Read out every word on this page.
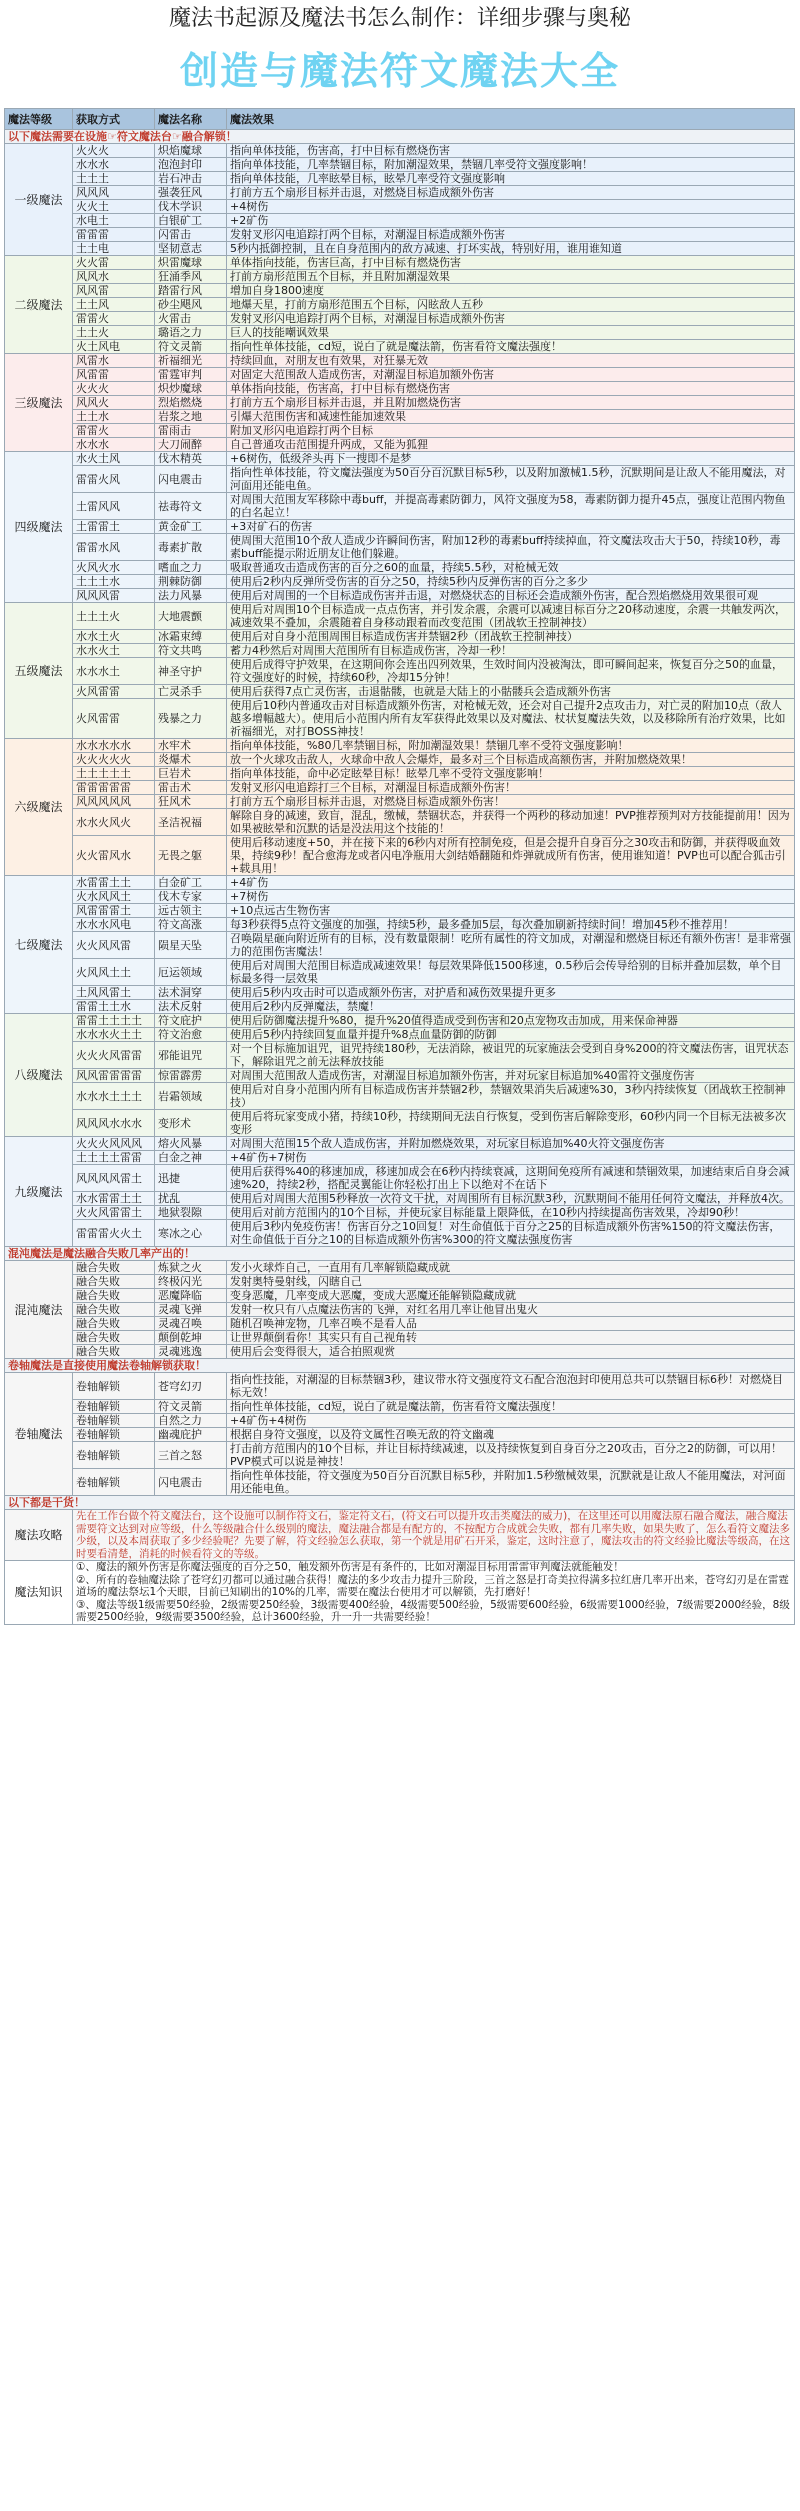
魔法书起源及魔法书怎么制作：详细步骤与奥秘
创造与魔法符文魔法大全
魔法等级	获取方式	魔法名称	魔法效果
以下魔法需要在设施☞符文魔法台☞融合解锁！			
一级魔法	火火火	炽焰魔球	指向单体技能，伤害高，打中目标有燃烧伤害
	水水水	泡泡封印	指向单体技能，几率禁锢目标，附加潮湿效果，禁锢几率受符文强度影响！
	土土土	岩石冲击	指向单体技能，几率眩晕目标，眩晕几率受符文强度影响
	风风风	强袭狂风	打前方五个扇形目标并击退，对燃烧目标造成额外伤害
	火火土	伐木学识	+4树伤
	水电土	白银矿工	+2矿伤
	雷雷雷	闪雷击	发射叉形闪电追踪打两个目标，对潮湿目标造成额外伤害
	土土电	坚韧意志	5秒内抵御控制，且在自身范围内的敌方减速、打坏实战，特别好用，谁用谁知道
二级魔法	火火雷	炽雷魔球	单体指向技能，伤害巨高，打中目标有燃烧伤害
	风风水	狂涌季风	打前方扇形范围五个目标，并且附加潮湿效果
	风风雷	踏雷行风	增加自身1800速度
	土土风	砂尘飓风	地爆天星，打前方扇形范围五个目标，闪眩敌人五秒
	雷雷火	火雷击	发射叉形闪电追踪打两个目标，对潮湿目标造成额外伤害
	土土火	璐语之力	巨人的技能嘲讽效果
	火土风电	符文灵箭	指向性单体技能，cd短，说白了就是魔法箭，伤害看符文魔法强度！
三级魔法	风雷水	祈福细光	持续回血，对朋友也有效果，对狂暴无效
	风雷雷	雷霆审判	对固定大范围敌人造成伤害，对潮湿目标追加额外伤害
	火火火	炽炒魔球	单体指向技能，伤害高，打中目标有燃烧伤害
	风风火	烈焰燃烧	打前方五个扇形目标并击退，并且附加燃烧伤害
	土土水	岩浆之地	引爆大范围伤害和减速性能加速效果
	雷雷火	雷雨击	附加叉形闪电追踪打两个目标
	水水水	大刀闹醉	自己普通攻击范围提升两成，又能为狐狸
四级魔法	水火土风	伐木精英	+6树伤，低级斧头再下一搜即不是梦
	雷雷火风	闪电震击	指向性单体技能，符文魔法强度为50百分百沉默目标5秒，以及附加激械1.5秒，沉默期间是让敌人不能用魔法，对河面用还能电鱼。
	土雷风风	祛毒符文	对周围大范围友军移除中毒buff，并提高毒素防御力，风符文强度为58，毒素防御力提升45点，强度让范围内物鱼的白名起立！
	土雷雷土	黄金矿工	+3对矿石的伤害
	雷雷水风	毒素扩散	使周围大范围10个敌人造成少许瞬间伤害，附加12秒的毒素buff持续掉血，符文魔法攻击大于50，持续10秒，毒素buff能提示附近朋友让他们躲避。
	火风火水	嗜血之力	吸取普通攻击造成伤害的百分之60的血量，持续5.5秒，对枪械无效
	土土土水	荆棘防御	使用后2秒内反弹所受伤害的百分之50，持续5秒内反弹伤害的百分之多少
	风风风雷	法力风暴	使用后对周围的一个目标造成伤害并击退，对燃烧状态的目标还会造成额外伤害，配合烈焰燃烧用效果很可观
五级魔法	土土土火	大地震颤	使用后对周围10个目标造成一点点伤害，并引发余震，余震可以减速目标百分之20移动速度，余震一共触发两次，减速效果不叠加，余震随着自身移动跟着而改变范围（团战软王控制神技）
	水水土火	冰霜束缚	使用后对自身小范围周围目标造成伤害并禁锢2秒（团战软王控制神技）
	水水火土	符文共鸣	蓄力4秒然后对周围大范围所有目标造成伤害，冷却一秒！
	水水水土	神圣守护	使用后成得守护效果，在这期间你会连出四列效果，生效时间内没被淘汰，即可瞬间起来，恢复百分之50的血量，符文强度好的时候，持续60秒，冷却15分钟！
	火风雷雷	亡灵杀手	使用后获得7点亡灵伤害，击退骷髅，也就是大陆上的小骷髅兵会造成额外伤害
	火风雷雷	残暴之力	使用后10秒内普通攻击对目标造成额外伤害，对枪械无效，还会对自己提升2点攻击力，对亡灵的附加10点（敌人越多增幅越大）。使用后小范围内所有友军获得此效果以及对魔法、杖状复魔法失效，以及移除所有治疗效果，比如祈福细光，对打BOSS神技！
六级魔法	水水水水水	水牢术	指向单体技能，%80几率禁锢目标，附加潮湿效果！禁锢几率不受符文强度影响！
	火火火火火	炎爆术	放一个火球攻击敌人，火球命中敌人会爆炸，最多对三个目标造成高额伤害，并附加燃烧效果！
	土土土土土	巨岩术	指向单体技能，命中必定眩晕目标！眩晕几率不受符文强度影响！
	雷雷雷雷雷	雷击术	发射叉形闪电追踪打三个目标，对潮湿目标造成额外伤害！
	风风风风风	狂风术	打前方五个扇形目标并击退，对燃烧目标造成额外伤害！
	水水火风火	圣洁祝福	解除自身的减速，致盲，混乱，缴械，禁锢状态，并获得一个两秒的移动加速！PVP推荐预判对方技能提前用！因为如果被眩晕和沉默的话是没法用这个技能的！
	火火雷风水	无畏之躯	使用后移动速度+50，并在接下来的6秒内对所有控制免疫，但是会提升自身百分之30攻击和防御，并获得吸血效果，持续9秒！配合愈海龙或者闪电净瓶用大剑结婚翻随和炸弹就成所有伤害，使用谁知道！PVP也可以配合狐击引+载具用！
七级魔法	水雷雷土土	白金矿工	+4矿伤
	火水风风土	伐木专家	+7树伤
	风雷雷雷土	远古领主	+10点远古生物伤害
	水水水风电	符文高涨	每3秒获得5点符文强度的加强，持续5秒，最多叠加5层，每次叠加刷新持续时间！增加45秒不推荐用！
	火火风风雷	陨星天坠	召唤陨星砸向附近所有的目标，没有数量限制！吃所有属性的符文加成，对潮湿和燃烧目标还有额外伤害！是非常强力的范围伤害魔法！
	火风风土土	厄运领域	使用后对周围大范围目标造成减速效果！每层效果降低1500移速，0.5秒后会传导给别的目标并叠加层数，单个目标最多得一层效果
	土风风雷土	法术洞穿	使用后5秒内攻击时可以造成额外伤害，对护盾和减伤效果提升更多
	雷雷土土水	法术反射	使用后2秒内反弹魔法，禁魔！
八级魔法	雷雷土土土土	符文庇护	使用后防御魔法提升%80，提升%20值得造成受到伤害和20点宠物攻击加成，用来保命神器
	水水水火土土	符文治愈	使用后5秒内持续回复血量并提升%8点血量防御的防御
	火火火风雷雷	邪能诅咒	对一个目标施加诅咒，诅咒持续180秒，无法消除，被诅咒的玩家施法会受到自身%200的符文魔法伤害，诅咒状态下，解除诅咒之前无法释放技能
	风风雷雷雷雷	惊雷霹雳	对周围大范围敌人造成伤害，对潮湿目标追加额外伤害，并对玩家目标追加%40雷符文强度伤害
	水水水土土土	岩霜领域	使用后对自身小范围内所有目标造成伤害并禁锢2秒，禁锢效果消失后减速%30，3秒内持续恢复（团战软王控制神技）
	风风风水水水	变形术	使用后将玩家变成小猪，持续10秒，持续期间无法自行恢复，受到伤害后解除变形，60秒内同一个目标无法被多次变形
九级魔法	火火火风风风	熔火风暴	对周围大范围15个敌人造成伤害，并附加燃烧效果，对玩家目标追加%40火符文强度伤害
	土土土土雷雷	白金之神	+4矿伤+7树伤
	风风风风雷土	迅捷	使用后获得%40的移速加成，移速加成会在6秒内持续衰减，这期间免疫所有减速和禁锢效果，加速结束后自身会减速%20，持续2秒，搭配灵翼能让你轻松打出上下以绝对不在话下
	水水雷雷土土	扰乱	使用后对周围大范围5秒释放一次符文干扰，对周围所有目标沉默3秒，沉默期间不能用任何符文魔法，并释放4次。
	火火风雷雷土	地狱裂隙	使用后对前方范围内的10个目标，并使玩家目标能量上限降低，在10秒内持续提高伤害效果，冷却90秒！
	雷雷雷火火土	寒冰之心	使用后3秒内免疫伤害！伤害百分之10回复！对生命值低于百分之25的目标造成额外伤害%150的符文魔法伤害，对生命值低于百分之10的目标造成额外伤害%300的符文魔法强度伤害
混沌魔法是魔法融合失败几率产出的！			
混沌魔法	融合失败	炼狱之火	发小火球炸自己，一直用有几率解锁隐藏成就
	融合失败	终极闪光	发射奥特曼射线，闪瞎自己
	融合失败	恶魔降临	变身恶魔，几率变成大恶魔，变成大恶魔还能解锁隐藏成就
	融合失败	灵魂飞弹	发射一枚只有八点魔法伤害的飞弹，对红名用几率让他冒出鬼火
	融合失败	灵魂召唤	随机召唤神宠物，几率召唤不是看人品
	融合失败	颠倒乾坤	让世界颠倒看你！其实只有自己视角转
	融合失败	灵魂逃逸	使用后会变得很大，适合拍照观赏
卷轴魔法是直接使用魔法卷轴解锁获取！			
卷轴魔法	卷轴解锁	苍穹幻刃	指向性技能，对潮湿的目标禁锢3秒，建议带水符文强度符文石配合泡泡封印使用总共可以禁锢目标6秒！对燃烧目标无效！
	卷轴解锁	符文灵箭	指向性单体技能，cd短，说白了就是魔法箭，伤害看符文魔法强度！
	卷轴解锁	自然之力	+4矿伤+4树伤
	卷轴解锁	幽魂庇护	根据自身符文强度，以及符文属性召唤无敌的符文幽魂
	卷轴解锁	三首之怒	打击前方范围内的10个目标，并让目标持续减速，以及持续恢复到自身百分之20攻击，百分之2的防御，可以用！PVP模式可以说是神技！
	卷轴解锁	闪电震击	指向性单体技能，符文强度为50百分百沉默目标5秒，并附加1.5秒缴械效果，沉默就是让敌人不能用魔法，对河面用还能电鱼。
以下都是干货！			
魔法攻略	先在工作台做个符文魔法台，这个设施可以制作符文石，鉴定符文石，(符文石可以提升攻击类魔法的威力)，在这里还可以用魔法原石融合魔法，融合魔法需要符文达到对应等级，什么等级融合什么级别的魔法，魔法融合都是有配方的，不按配方合成就会失败，都有几率失败，如果失败了，怎么看符文魔法多少级，以及本周获取了多少经验呢？先要了解，符文经验怎么获取，第一个就是用矿石开采，鉴定，这时注意了，魔法攻击的符文经验比魔法等级高，在这时要看清楚，消耗的时候看符文的等级。		
魔法知识	①、魔法的额外伤害是你魔法强度的百分之50，触发额外伤害是有条件的，比如对潮湿目标用雷雷审判魔法就能触发！
②、所有的卷轴魔法除了苍穹幻刃都可以通过融合获得！魔法的多少攻击力提升三阶段，三首之怒是打奇美拉得满多拉红唐几率开出来，苍穹幻刃是在雷霆道场的魔法祭坛1个天眼，目前已知刷出的10%的几率，需要在魔法台使用才可以解锁，先打磨好！
③、魔法等级1级需要50经验，2级需要250经验，3级需要400经验，4级需要500经验，5级需要600经验，6级需要1000经验，7级需要2000经验，8级需要2500经验，9级需要3500经验，总计3600经验，升一升一共需要经验！		
